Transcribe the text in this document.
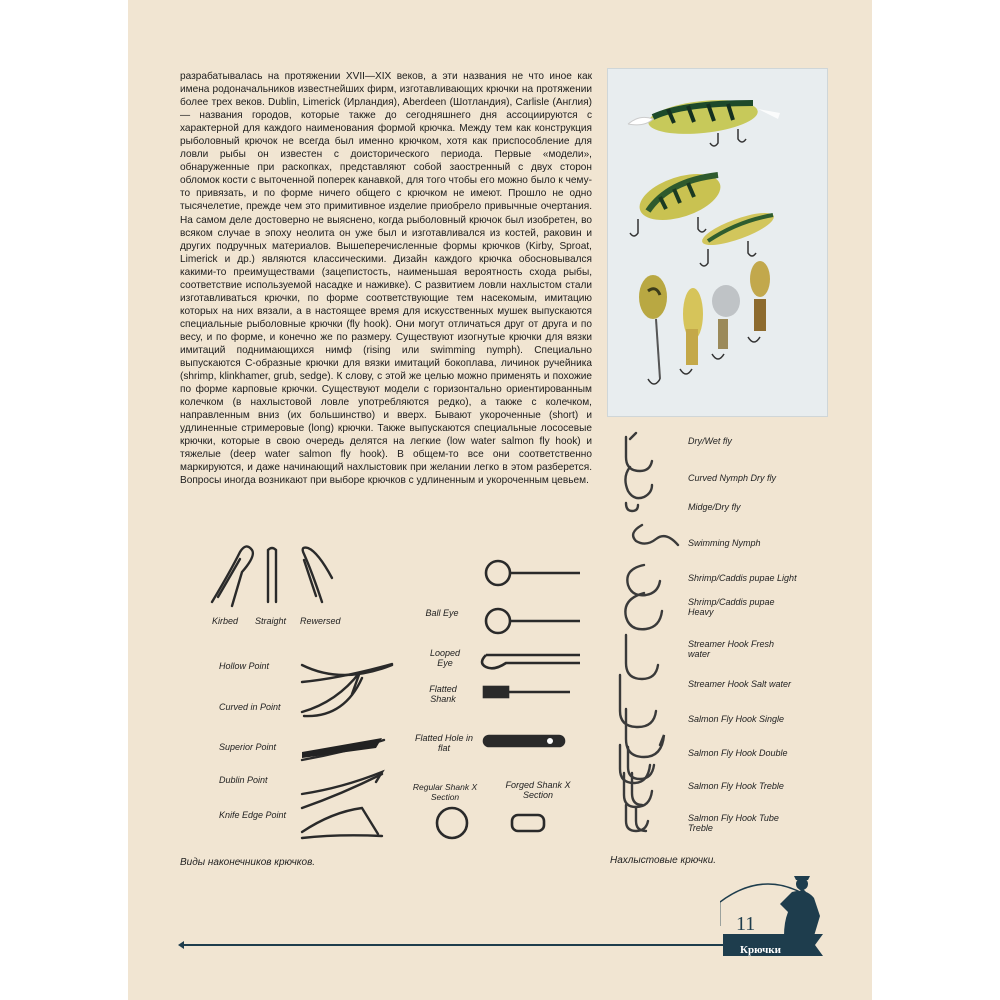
разрабатывалась на протяжении XVII—XIX веков, а эти названия не что иное как имена родоначальников известнейших фирм, изготавливающих крючки на протяжении более трех веков. Dublin, Limerick (Ирландия), Aberdeen (Шотландия), Carlisle (Англия) — названия городов, которые также до сегодняшнего дня ассоциируются с характерной для каждого наименования формой крючка. Между тем как конструкция рыболовный крючок не всегда был именно крючком, хотя как приспособление для ловли рыбы он известен с доисторического периода. Первые «модели», обнаруженные при раскопках, представляют собой заостренный с двух сторон обломок кости с выточенной поперек канавкой, для того чтобы его можно было к чему-то привязать, и по форме ничего общего с крючком не имеют. Прошло не одно тысячелетие, прежде чем это примитивное изделие приобрело привычные очертания. На самом деле достоверно не выяснено, когда рыболовный крючок был изобретен, во всяком случае в эпоху неолита он уже был и изготавливался из костей, раковин и других подручных материалов. Вышеперечисленные формы крючков (Kirby, Sproat, Limerick и др.) являются классическими. Дизайн каждого крючка обосновывался какими-то преимуществами (зацепистость, наименьшая вероятность схода рыбы, соответствие используемой насадке и наживке). С развитием ловли нахлыстом стали изготавливаться крючки, по форме соответствующие тем насекомым, имитацию которых на них вязали, а в настоящее время для искусственных мушек выпускаются специальные рыболовные крючки (fly hook). Они могут отличаться друг от друга и по весу, и по форме, и конечно же по размеру. Существуют изогнутые крючки для вязки имитаций поднимающихся нимф (rising или swimming nymph). Специально выпускаются С-образные крючки для вязки имитаций бокоплава, личинок ручейника (shrimp, klinkhamer, grub, sedge). К слову, с этой же целью можно применять и похожие по форме карповые крючки. Существуют модели с горизонтально ориентированным колечком (в нахлыстовой ловле употребляются редко), а также с колечком, направленным вниз (их большинство) и вверх. Бывают укороченные (short) и удлиненные стримеровые (long) крючки. Также выпускаются специальные лососевые крючки, которые в свою очередь делятся на легкие (low water salmon fly hook) и тяжелые (deep water salmon fly hook). В общем-то все они соответственно маркируются, и даже начинающий нахлыстовик при желании легко в этом разберется. Вопросы иногда возникают при выборе крючков с удлиненным и укороченным цевьем.

Kirbed Straight Rewersed
Hollow Point
Curved in Point
Superior Point
Dublin Point
Knife Edge Point
Ball Eye
Looped Eye
Flatted Shank
Flatted Hole in flat
Regular Shank X Section
Forged Shank X Section
Виды наконечников крючков.
Dry/Wet fly
Curved Nymph Dry fly
Midge/Dry fly
Swimming Nymph
Shrimp/Caddis pupae Light
Shrimp/Caddis pupae Heavy
Streamer Hook Fresh water
Streamer Hook Salt water
Salmon Fly Hook Single
Salmon Fly Hook Double
Salmon Fly Hook Treble
Salmon Fly Hook Tube Treble
Нахлыстовые крючки.
11
Крючки
